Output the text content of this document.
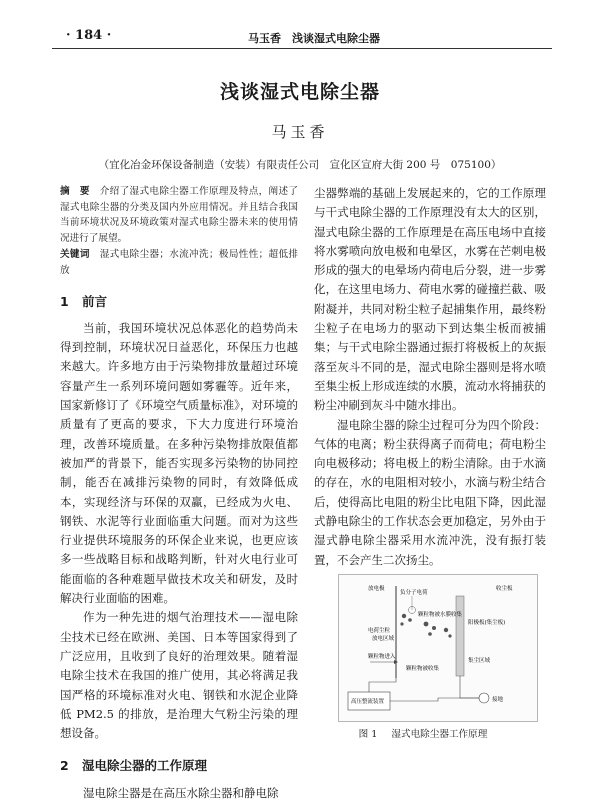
· 184 ·	马玉香　浅谈湿式电除尘器
浅谈湿式电除尘器
马玉香
（宜化冶金环保设备制造（安装）有限责任公司　宣化区宣府大街 200 号　075100）
摘　要　 介绍了湿式电除尘器工作原理及特点，阐述了湿式电除尘器的分类及国内外应用情况。并且结合我国当前环境状况及环境政策对湿式电除尘器未来的使用情况进行了展望。
关键词　 湿式电除尘器；水流冲洗；极局性性；超低排放
1 前言

当前，我国环境状况总体恶化的趋势尚未得到控制，环境状况日益恶化，环保压力也越来越大。许多地方由于污染物排放量超过环境容量产生一系列环境问题如雾霾等。近年来，国家新修订了《环境空气质量标准》，对环境的质量有了更高的要求，下大力度进行环境治理，改善环境质量。在多种污染物排放限值都被加严的背景下，能否实现多污染物的协同控制，能否在减排污染物的同时，有效降低成本，实现经济与环保的双赢，已经成为火电、钢铁、水泥等行业面临重大问题。而对为这些行业提供环境服务的环保企业来说，也更应该多一些战略目标和战略判断，针对火电行业可能面临的各种难题早做技术攻关和研发，及时解决行业面临的困难。

作为一种先进的烟气治理技术——湿电除尘技术已经在欧洲、美国、日本等国家得到了广泛应用，且收到了良好的治理效果。随着湿电除尘技术在我国的推广使用，其必将满足我国严格的环境标准对火电、钢铁和水泥企业降低 PM2.5 的排放，是治理大气粉尘污染的理想设备。

2 湿电除尘器的工作原理

湿电除尘器是在高压水除尘器和静电除

尘器弊端的基础上发展起来的，它的工作原理与干式电除尘器的工作原理没有太大的区别，湿式电除尘器的工作原理是在高压电场中直接将水雾喷向放电极和电晕区，水雾在芒刺电极形成的强大的电晕场内荷电后分裂，进一步雾化，在这里电场力、荷电水雾的碰撞拦截、吸附凝并，共同对粉尘粒子起捕集作用，最终粉尘粒子在电场力的驱动下到达集尘板而被捕集；与干式电除尘器通过振打将极板上的灰振落至灰斗不同的是，湿式电除尘器则是将水喷至集尘板上形成连续的水膜，流动水将捕获的粉尘冲刷到灰斗中随水排出。

湿电除尘器的除尘过程可分为四个阶段：气体的电离；粉尘获得离子而荷电；荷电粉尘向电极移动；将电极上的粉尘清除。由于水滴的存在，水的电阻相对较小，水滴与粉尘结合后，使得高比电阻的粉尘比电阻下降，因此湿式静电除尘的工作状态会更加稳定，另外由于湿式静电除尘器采用水流冲洗，没有振打装置，不会产生二次扬尘。

放电极
负分子电荷
收尘板
颗粒物被水膜收集
阳极板(集尘板)
电荷尘粒
放电区域
颗粒物进入
颗粒物被收集
集尘区域
高压整流装置	接地
图 1 湿式电除尘器工作原理
